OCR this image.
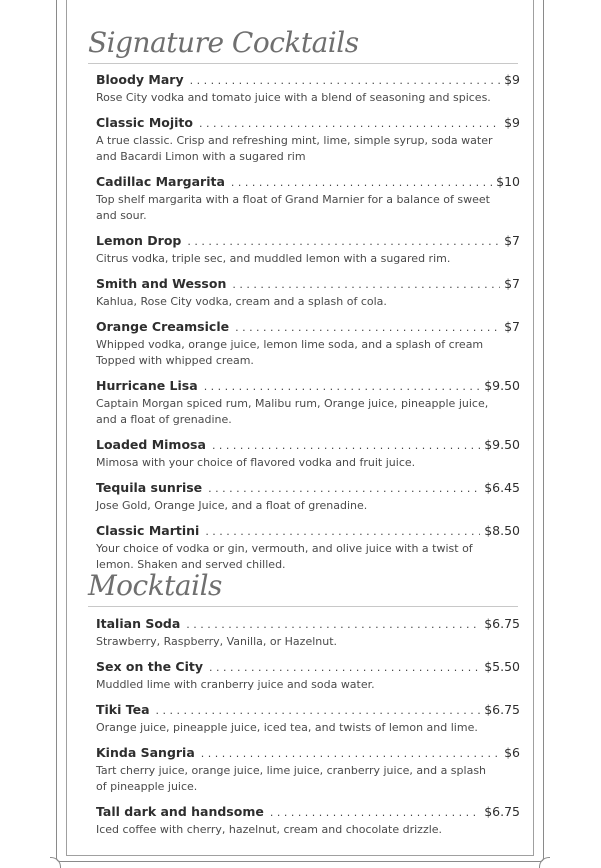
Signature Cocktails
Bloody Mary . . .	$9
Rose City vodka and tomato juice with a blend of seasoning and spices.
Classic Mojito . . .	$9
A true classic. Crisp and refreshing mint, lime, simple syrup, soda water and Bacardi Limon with a sugared rim
Cadillac Margarita . . .	$10
Top shelf margarita with a float of Grand Marnier for a balance of sweet and sour.
Lemon Drop . . .	$7
Citrus vodka, triple sec, and muddled lemon with a sugared rim.
Smith and Wesson . . .	$7
Kahlua, Rose City vodka, cream and a splash of cola.
Orange Creamsicle . . .	$7
Whipped vodka, orange juice, lemon lime soda, and a splash of cream Topped with whipped cream.
Hurricane Lisa . . .	$9.50
Captain Morgan spiced rum, Malibu rum, Orange juice, pineapple juice, and a float of grenadine.
Loaded Mimosa . . .	$9.50
Mimosa with your choice of flavored vodka and fruit juice.
Tequila sunrise . . .	$6.45
Jose Gold, Orange Juice, and a float of grenadine.
Classic Martini . . .	$8.50
Your choice of vodka or gin, vermouth, and olive juice with a twist of lemon. Shaken and served chilled.
Mocktails
Italian Soda . . .	$6.75
Strawberry, Raspberry, Vanilla, or Hazelnut.
Sex on the City . . .	$5.50
Muddled lime with cranberry juice and soda water.
Tiki Tea . . .	$6.75
Orange juice, pineapple juice, iced tea, and twists of lemon and lime.
Kinda Sangria . . .	$6
Tart cherry juice, orange juice, lime juice, cranberry juice, and a splash of pineapple juice.
Tall dark and handsome . . .	$6.75
Iced coffee with cherry, hazelnut, cream and chocolate drizzle.
